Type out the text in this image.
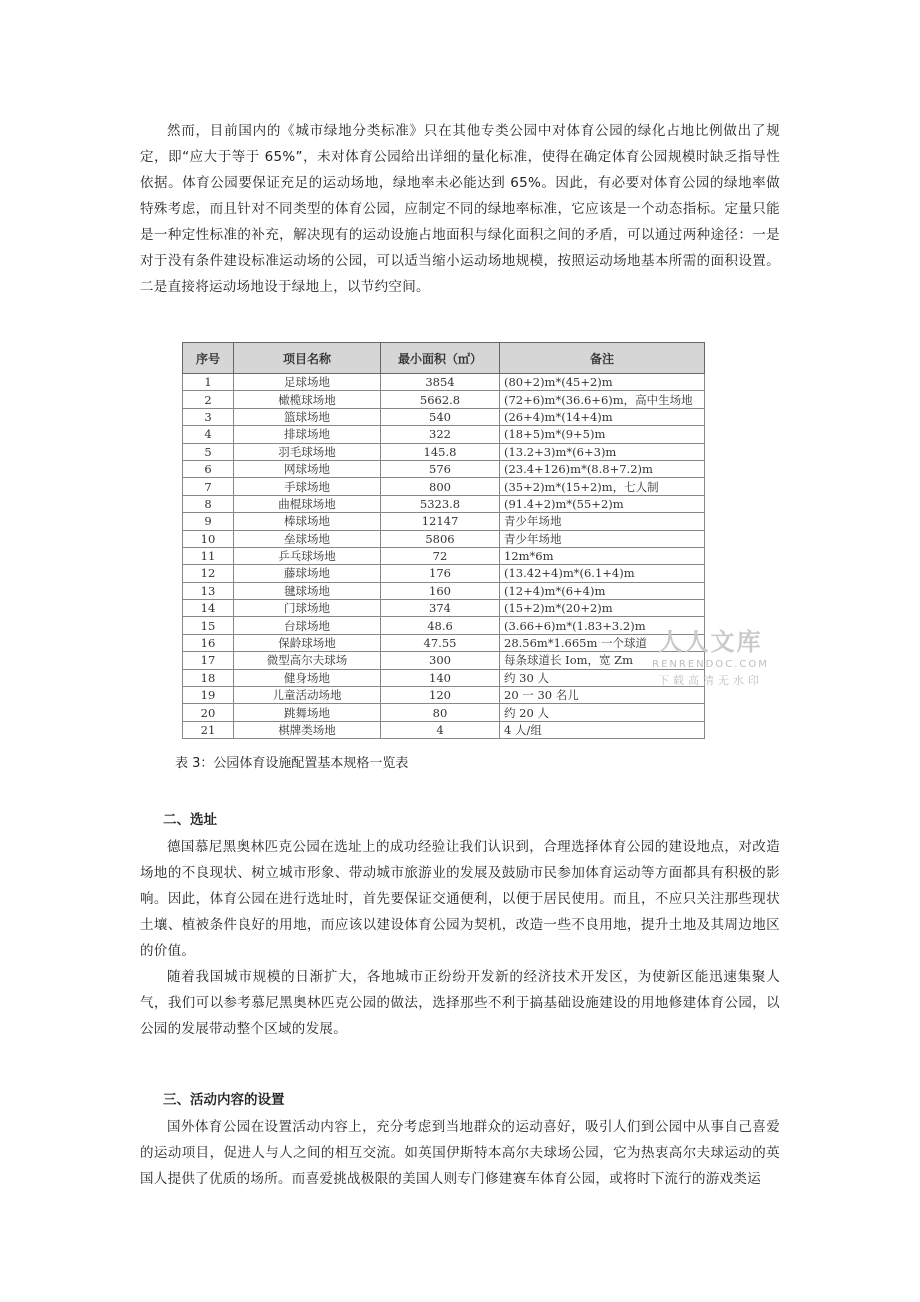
然而，目前国内的《城市绿地分类标准》只在其他专类公园中对体育公园的绿化占地比例做出了规定，即“应大于等于 65%”，未对体育公园给出详细的量化标准，使得在确定体育公园规模时缺乏指导性依据。体育公园要保证充足的运动场地，绿地率未必能达到 65%。因此，有必要对体育公园的绿地率做特殊考虑，而且针对不同类型的体育公园，应制定不同的绿地率标准，它应该是一个动态指标。定量只能是一种定性标准的补充，解决现有的运动设施占地面积与绿化面积之间的矛盾，可以通过两种途径：一是对于没有条件建设标准运动场的公园，可以适当缩小运动场地规模，按照运动场地基本所需的面积设置。二是直接将运动场地设于绿地上，以节约空间。

序号	项目名称	最小面积（㎡）	备注
1	足球场地	3854	(80+2)m*(45+2)m
2	橄榄球场地	5662.8	(72+6)m*(36.6+6)m，高中生场地
3	篮球场地	540	(26+4)m*(14+4)m
4	排球场地	322	(18+5)m*(9+5)m
5	羽毛球场地	145.8	(13.2+3)m*(6+3)m
6	网球场地	576	(23.4+126)m*(8.8+7.2)m
7	手球场地	800	(35+2)m*(15+2)m，七人制
8	曲棍球场地	5323.8	(91.4+2)m*(55+2)m
9	棒球场地	12147	青少年场地
10	垒球场地	5806	青少年场地
11	乒乓球场地	72	12m*6m
12	藤球场地	176	(13.42+4)m*(6.1+4)m
13	毽球场地	160	(12+4)m*(6+4)m
14	门球场地	374	(15+2)m*(20+2)m
15	台球场地	48.6	(3.66+6)m*(1.83+3.2)m
16	保龄球场地	47.55	28.56m*1.665m 一个球道
17	微型高尔夫球场	300	每条球道长 Iom，宽 Zm
18	健身场地	140	约 30 人
19	儿童活动场地	120	20 一 30 名儿
20	跳舞场地	80	约 20 人
21	棋牌类场地	4	4 人/组
人人文库
RENRENDOC.COM
下载高清无水印

表 3：公园体育设施配置基本规格一览表

二、选址

德国慕尼黑奥林匹克公园在选址上的成功经验让我们认识到，合理选择体育公园的建设地点，对改造场地的不良现状、树立城市形象、带动城市旅游业的发展及鼓励市民参加体育运动等方面都具有积极的影响。因此，体育公园在进行选址时，首先要保证交通便利，以便于居民使用。而且，不应只关注那些现状土壤、植被条件良好的用地，而应该以建设体育公园为契机，改造一些不良用地，提升土地及其周边地区的价值。

随着我国城市规模的日渐扩大，各地城市正纷纷开发新的经济技术开发区，为使新区能迅速集聚人气，我们可以参考慕尼黑奥林匹克公园的做法，选择那些不利于搞基础设施建设的用地修建体育公园，以公园的发展带动整个区域的发展。

三、活动内容的设置

国外体育公园在设置活动内容上，充分考虑到当地群众的运动喜好，吸引人们到公园中从事自己喜爱的运动项目，促进人与人之间的相互交流。如英国伊斯特本高尔夫球场公园，它为热衷高尔夫球运动的英国人提供了优质的场所。而喜爱挑战极限的美国人则专门修建赛车体育公园，或将时下流行的游戏类运
